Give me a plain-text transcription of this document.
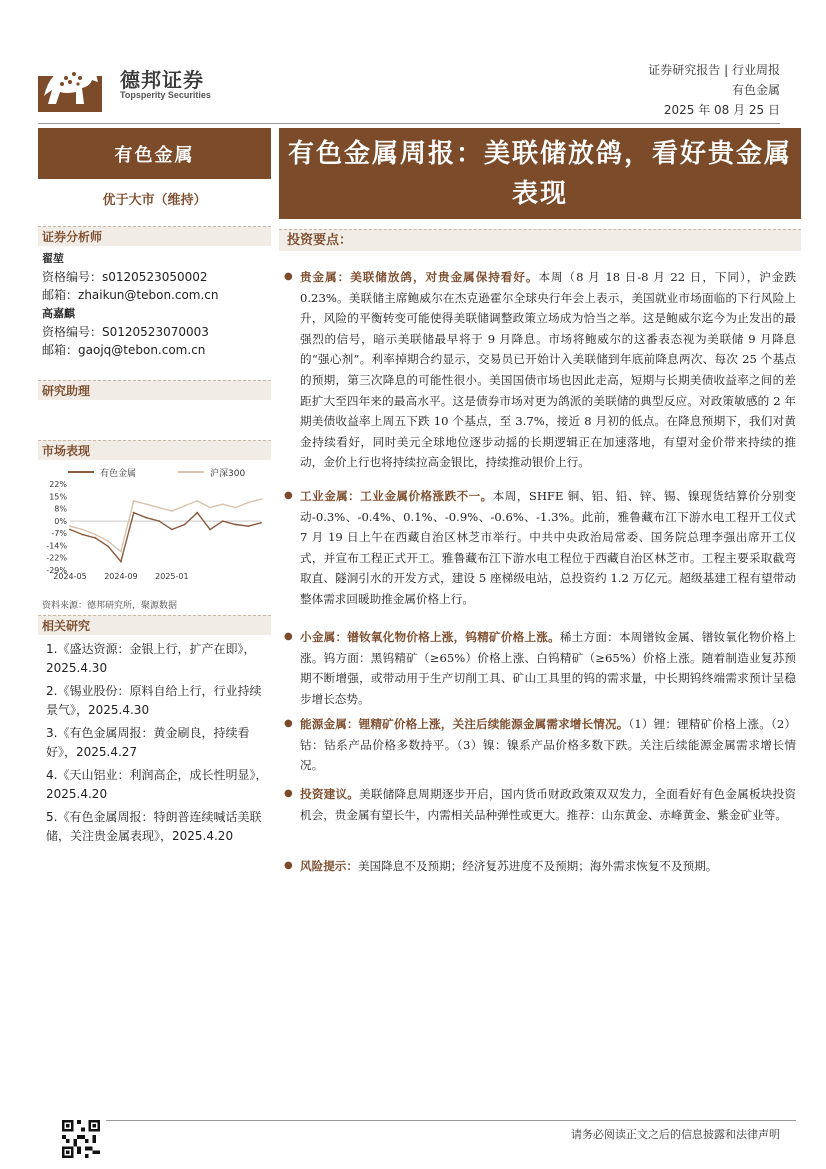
德邦证券
Topsperity Securities
证券研究报告 | 行业周报
有色金属
2025 年 08 月 25 日
有色金属
优于大市（维持）
证券分析师
翟堃
资格编号：s0120523050002
邮箱：zhaikun@tebon.com.cn
高嘉麒
资格编号：S0120523070003
邮箱：gaojq@tebon.com.cn
研究助理
市场表现
有色金属	沪深300
22%
15%
8%
0%
-7%
-14%
-22%
-29%
2024-05 2024-09 2025-01
资料来源：德邦研究所，聚源数据
相关研究
1.《盛达资源：金银上行，扩产在即》，2025.4.30
2.《锡业股份：原料自给上行，行业持续景气》，2025.4.30
3.《有色金属周报：黄金刷良，持续看好》，2025.4.27
4.《天山铝业：利润高企，成长性明显》，2025.4.20
5.《有色金属周报：特朗普连续喊话美联储，关注贵金属表现》，2025.4.20
有色金属周报：美联储放鸽，看好贵金属表现
投资要点：
● 贵金属：美联储放鸽，对贵金属保持看好。本周（8 月 18 日-8 月 22 日，下同），沪金跌 0.23%。美联储主席鲍威尔在杰克逊霍尔全球央行年会上表示，美国就业市场面临的下行风险上升，风险的平衡转变可能使得美联储调整政策立场成为恰当之举。这是鲍威尔迄今为止发出的最强烈的信号，暗示美联储最早将于 9 月降息。市场将鲍威尔的这番表态视为美联储 9 月降息的“强心剂”。利率掉期合约显示，交易员已开始计入美联储到年底前降息两次、每次 25 个基点的预期，第三次降息的可能性很小。美国国债市场也因此走高，短期与长期美债收益率之间的差距扩大至四年来的最高水平。这是债券市场对更为鸽派的美联储的典型反应。对政策敏感的 2 年期美债收益率上周五下跌 10 个基点，至 3.7%，接近 8 月初的低点。在降息预期下，我们对黄金持续看好，同时美元全球地位逐步动摇的长期逻辑正在加速落地，有望对金价带来持续的推动，金价上行也将持续拉高金银比，持续推动银价上行。
● 工业金属：工业金属价格涨跌不一。本周，SHFE 铜、铝、铅、锌、锡、镍现货结算价分别变动-0.3%、-0.4%、0.1%、-0.9%、-0.6%、-1.3%。此前，雅鲁藏布江下游水电工程开工仪式 7 月 19 日上午在西藏自治区林芝市举行。中共中央政治局常委、国务院总理李强出席开工仪式，并宣布工程正式开工。雅鲁藏布江下游水电工程位于西藏自治区林芝市。工程主要采取截弯取直、隧洞引水的开发方式，建设 5 座梯级电站，总投资约 1.2 万亿元。超级基建工程有望带动整体需求回暖助推金属价格上行。
● 小金属：镨钕氧化物价格上涨，钨精矿价格上涨。稀土方面：本周镨钕金属、镨钕氧化物价格上涨。钨方面：黑钨精矿（≥65%）价格上涨、白钨精矿（≥65%）价格上涨。随着制造业复苏预期不断增强，或带动用于生产切削工具、矿山工具里的钨的需求量，中长期钨终端需求预计呈稳步增长态势。
● 能源金属：锂精矿价格上涨，关注后续能源金属需求增长情况。（1）锂：锂精矿价格上涨。（2）钴：钴系产品价格多数持平。（3）镍：镍系产品价格多数下跌。关注后续能源金属需求增长情况。
● 投资建议。美联储降息周期逐步开启，国内货币财政政策双双发力，全面看好有色金属板块投资机会，贵金属有望长牛，内需相关品种弹性或更大。推荐：山东黄金、赤峰黄金、紫金矿业等。
● 风险提示：美国降息不及预期；经济复苏进度不及预期；海外需求恢复不及预期。
请务必阅读正文之后的信息披露和法律声明
